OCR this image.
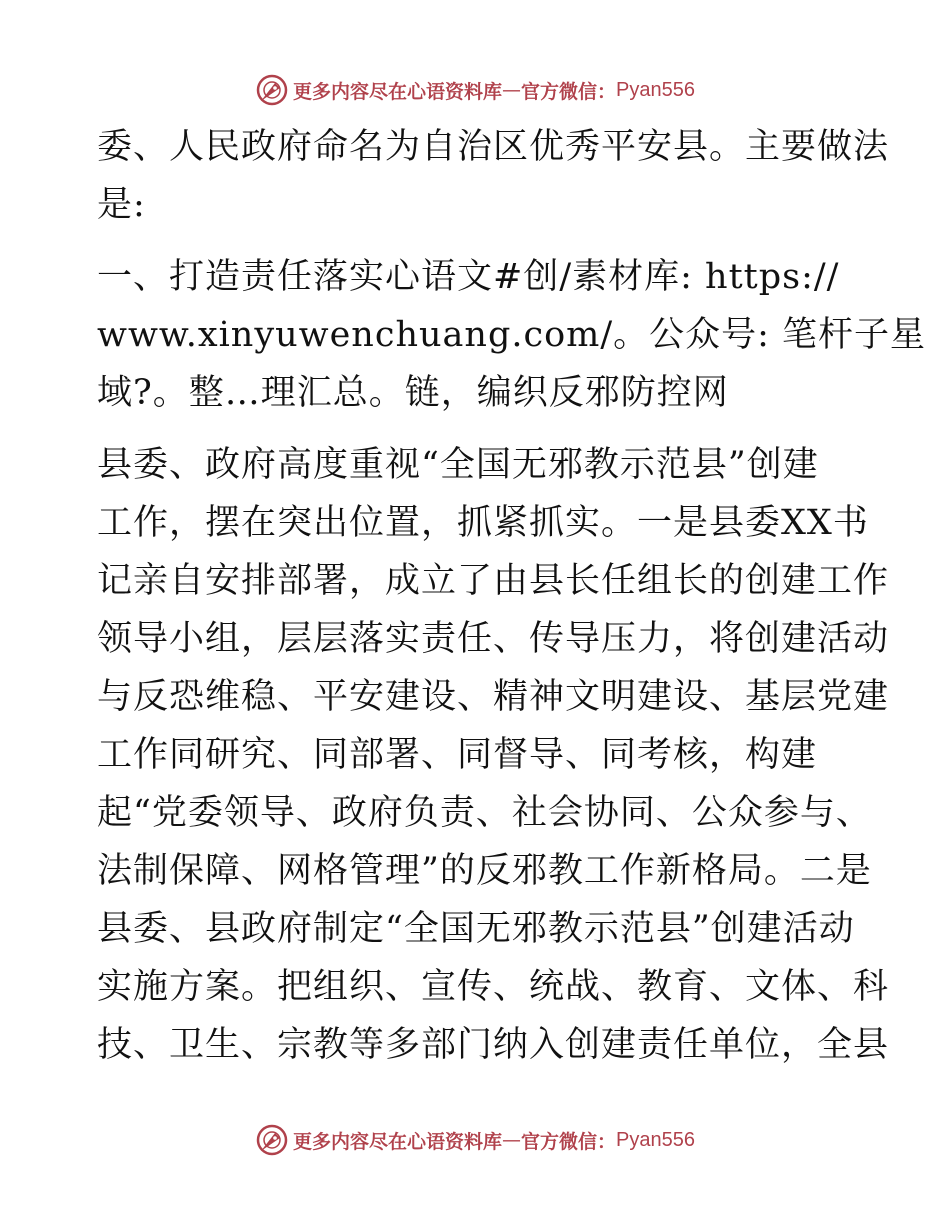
更多内容尽在心语资料库 — 官方微信： Pyan556
委、人民政府命名为自治区优秀平安县。主要做法
是:
一、打造责任落实心语文#创/素材库: https://
www.xinyuwenchuang.com/。公众号: 笔杆子星
域?。整…理汇总。链，编织反邪防控网
县委、政府高度重视“全国无邪教示范县”创建
工作，摆在突出位置，抓紧抓实。一是县委XX书
记亲自安排部署，成立了由县长任组长的创建工作
领导小组，层层落实责任、传导压力，将创建活动
与反恐维稳、平安建设、精神文明建设、基层党建
工作同研究、同部署、同督导、同考核，构建
起“党委领导、政府负责、社会协同、公众参与、
法制保障、网格管理”的反邪教工作新格局。二是
县委、县政府制定“全国无邪教示范县”创建活动
实施方案。把组织、宣传、统战、教育、文体、科
技、卫生、宗教等多部门纳入创建责任单位，全县
更多内容尽在心语资料库 — 官方微信： Pyan556
